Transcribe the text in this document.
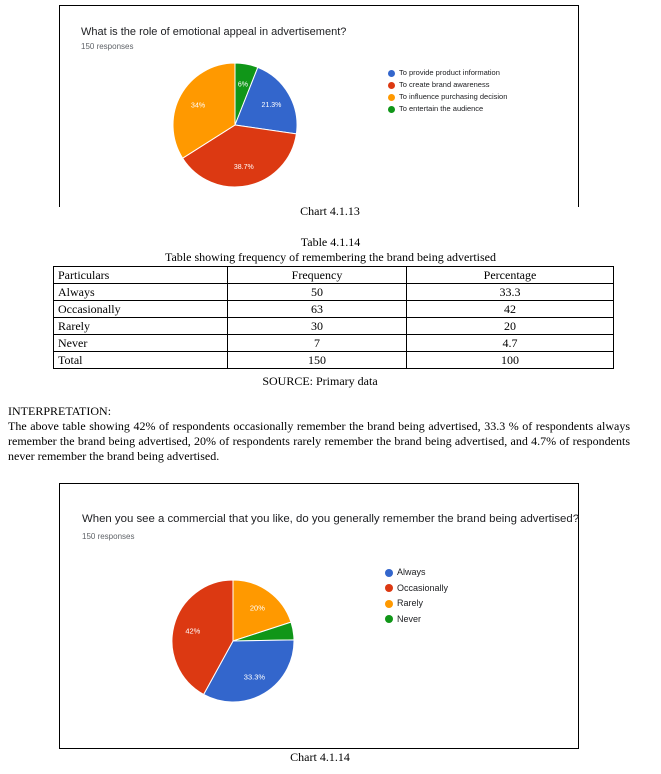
What is the role of emotional appeal in advertisement?
150 responses
6%
21.3%
38.7%
34%
To provide product information
To create brand awareness
To influence purchasing decision
To entertain the audience
Chart 4.1.13
Table 4.1.14
Table showing frequency of remembering the brand being advertised
Particulars	Frequency	Percentage
Always	50	33.3
Occasionally	63	42
Rarely	30	20
Never	7	4.7
Total	150	100
SOURCE: Primary data
INTERPRETATION:
The above table showing 42% of respondents occasionally remember the brand being advertised, 33.3 % of respondents always remember the brand being advertised, 20% of respondents rarely remember the brand being advertised, and 4.7% of respondents never remember the brand being advertised.
When you see a commercial that you like, do you generally remember the brand being advertised?
150 responses
20%
33.3%
42%
Always
Occasionally
Rarely
Never
Chart 4.1.14
